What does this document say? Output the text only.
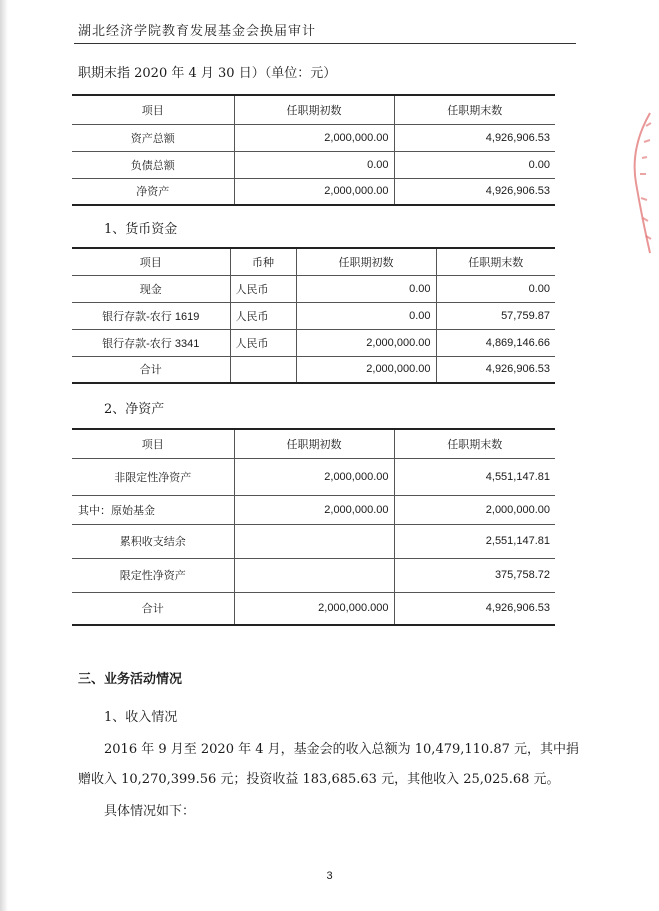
湖北经济学院教育发展基金会换届审计
职期末指 2020 年 4 月 30 日）（单位：元）
项目	任职期初数	任职期末数
资产总额	2,000,000.00	4,926,906.53
负债总额	0.00	0.00
净资产	2,000,000.00	4,926,906.53
1、货币资金
项目	币种	任职期初数	任职期末数
现金	人民币	0.00	0.00
银行存款-农行 1619	人民币	0.00	57,759.87
银行存款-农行 3341	人民币	2,000,000.00	4,869,146.66
合计		2,000,000.00	4,926,906.53
2、净资产
项目	任职期初数	任职期末数
非限定性净资产	2,000,000.00	4,551,147.81
其中：原始基金	2,000,000.00	2,000,000.00
累积收支结余		2,551,147.81
限定性净资产		375,758.72
合计	2,000,000.000	4,926,906.53
三、业务活动情况
1、收入情况
2016 年 9 月至 2020 年 4 月，基金会的收入总额为 10,479,110.87 元，其中捐
赠收入 10,270,399.56 元；投资收益 183,685.63 元，其他收入 25,025.68 元。
具体情况如下：
3
